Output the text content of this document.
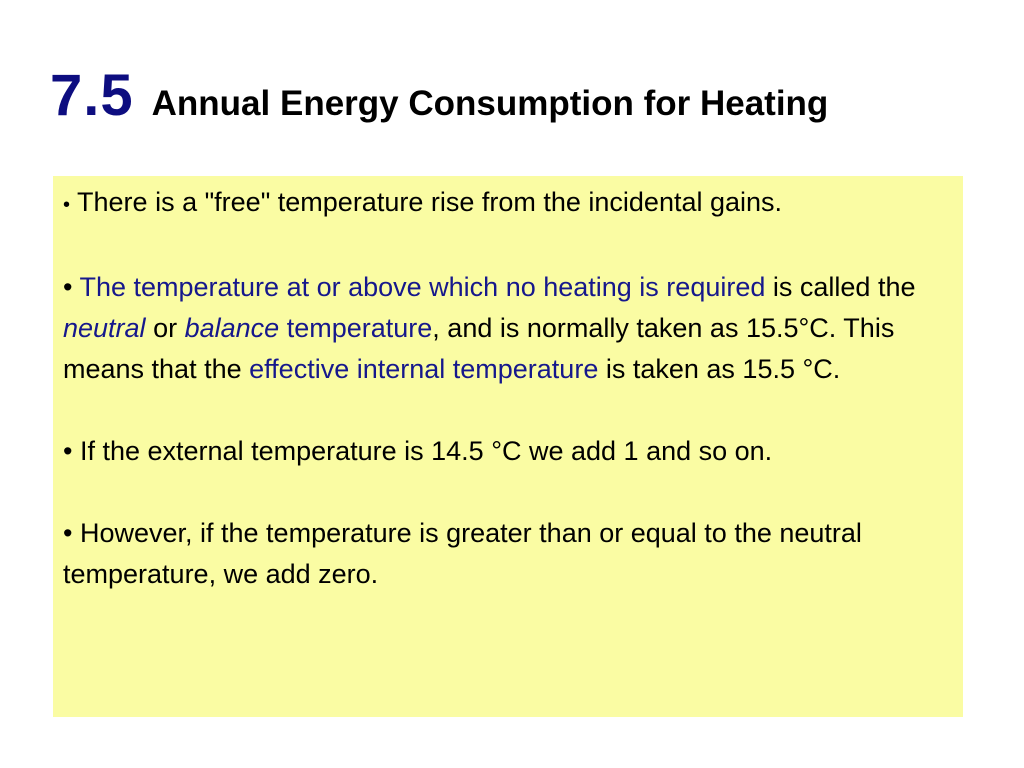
7.5 Annual Energy Consumption for Heating

• There is a "free" temperature rise from the incidental gains.

• The temperature at or above which no heating is required is called the neutral or balance temperature, and is normally taken as 15.5°C. This means that the effective internal temperature is taken as 15.5 °C.

• If the external temperature is 14.5 °C we add 1 and so on.

• However, if the temperature is greater than or equal to the neutral temperature, we add zero.
